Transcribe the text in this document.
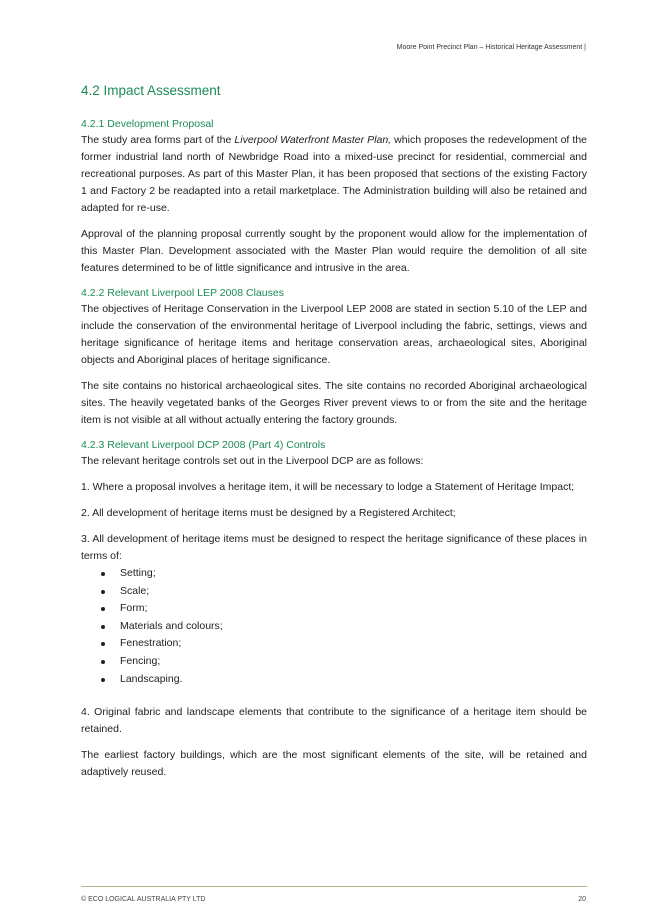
Moore Point Precinct Plan – Historical Heritage Assessment |
4.2 Impact Assessment
4.2.1 Development Proposal

The study area forms part of the Liverpool Waterfront Master Plan, which proposes the redevelopment of the former industrial land north of Newbridge Road into a mixed-use precinct for residential, commercial and recreational purposes. As part of this Master Plan, it has been proposed that sections of the existing Factory 1 and Factory 2 be readapted into a retail marketplace. The Administration building will also be retained and adapted for re-use.

Approval of the planning proposal currently sought by the proponent would allow for the implementation of this Master Plan. Development associated with the Master Plan would require the demolition of all site features determined to be of little significance and intrusive in the area.

4.2.2 Relevant Liverpool LEP 2008 Clauses

The objectives of Heritage Conservation in the Liverpool LEP 2008 are stated in section 5.10 of the LEP and include the conservation of the environmental heritage of Liverpool including the fabric, settings, views and heritage significance of heritage items and heritage conservation areas, archaeological sites, Aboriginal objects and Aboriginal places of heritage significance.

The site contains no historical archaeological sites. The site contains no recorded Aboriginal archaeological sites. The heavily vegetated banks of the Georges River prevent views to or from the site and the heritage item is not visible at all without actually entering the factory grounds.

4.2.3 Relevant Liverpool DCP 2008 (Part 4) Controls

The relevant heritage controls set out in the Liverpool DCP are as follows:

1. Where a proposal involves a heritage item, it will be necessary to lodge a Statement of Heritage Impact;

2. All development of heritage items must be designed by a Registered Architect;

3. All development of heritage items must be designed to respect the heritage significance of these places in terms of:

Setting;
Scale;
Form;
Materials and colours;
Fenestration;
Fencing;
Landscaping.

4. Original fabric and landscape elements that contribute to the significance of a heritage item should be retained.

The earliest factory buildings, which are the most significant elements of the site, will be retained and adaptively reused.

© ECO LOGICAL AUSTRALIA PTY LTD	20
